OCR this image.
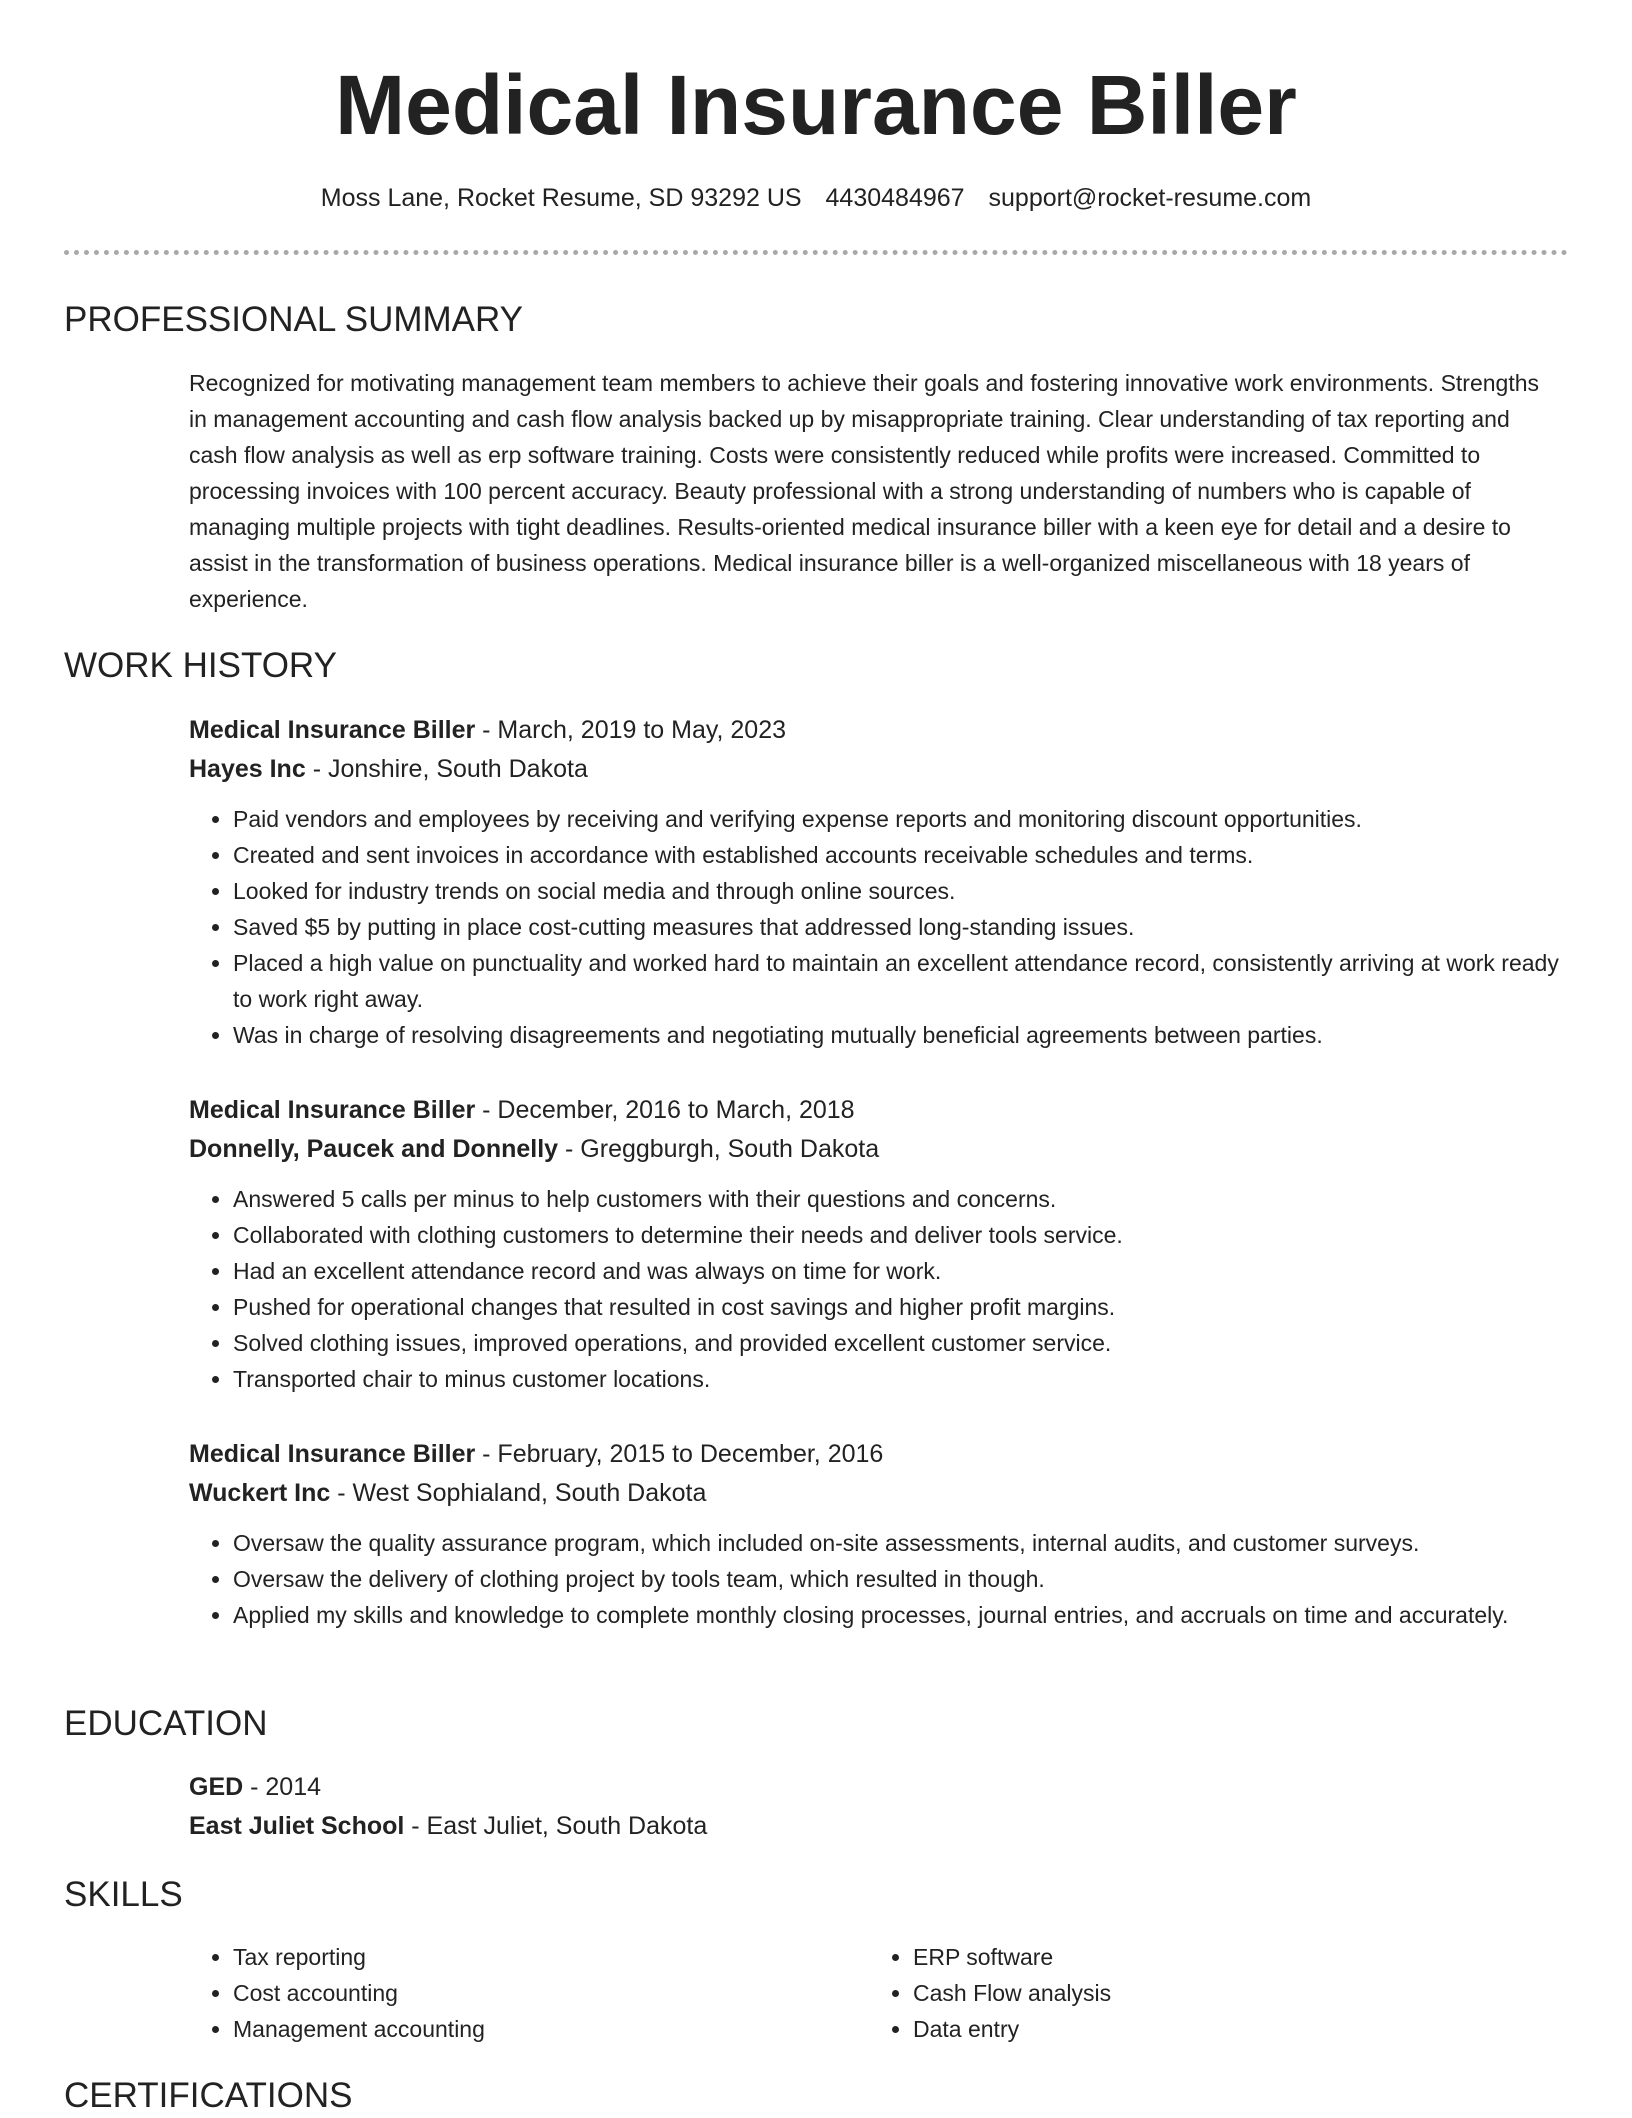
Medical Insurance Biller
Moss Lane, Rocket Resume, SD 93292 US 4430484967 support@rocket-resume.com
PROFESSIONAL SUMMARY

Recognized for motivating management team members to achieve their goals and fostering innovative work environments. Strengths in management accounting and cash flow analysis backed up by misappropriate training. Clear understanding of tax reporting and cash flow analysis as well as erp software training. Costs were consistently reduced while profits were increased. Committed to processing invoices with 100 percent accuracy. Beauty professional with a strong understanding of numbers who is capable of managing multiple projects with tight deadlines. Results-oriented medical insurance biller with a keen eye for detail and a desire to assist in the transformation of business operations. Medical insurance biller is a well-organized miscellaneous with 18 years of experience.

WORK HISTORY
Medical Insurance Biller - March, 2019 to May, 2023
Hayes Inc - Jonshire, South Dakota
• Paid vendors and employees by receiving and verifying expense reports and monitoring discount opportunities.
• Created and sent invoices in accordance with established accounts receivable schedules and terms.
• Looked for industry trends on social media and through online sources.
• Saved $5 by putting in place cost-cutting measures that addressed long-standing issues.
• Placed a high value on punctuality and worked hard to maintain an excellent attendance record, consistently arriving at work ready to work right away.
• Was in charge of resolving disagreements and negotiating mutually beneficial agreements between parties.
Medical Insurance Biller - December, 2016 to March, 2018
Donnelly, Paucek and Donnelly - Greggburgh, South Dakota
• Answered 5 calls per minus to help customers with their questions and concerns.
• Collaborated with clothing customers to determine their needs and deliver tools service.
• Had an excellent attendance record and was always on time for work.
• Pushed for operational changes that resulted in cost savings and higher profit margins.
• Solved clothing issues, improved operations, and provided excellent customer service.
• Transported chair to minus customer locations.
Medical Insurance Biller - February, 2015 to December, 2016
Wuckert Inc - West Sophialand, South Dakota
• Oversaw the quality assurance program, which included on-site assessments, internal audits, and customer surveys.
• Oversaw the delivery of clothing project by tools team, which resulted in though.
• Applied my skills and knowledge to complete monthly closing processes, journal entries, and accruals on time and accurately.
EDUCATION
GED - 2014
East Juliet School - East Juliet, South Dakota
SKILLS
• Tax reporting
• Cost accounting
• Management accounting
• ERP software
• Cash Flow analysis
• Data entry
CERTIFICATIONS
